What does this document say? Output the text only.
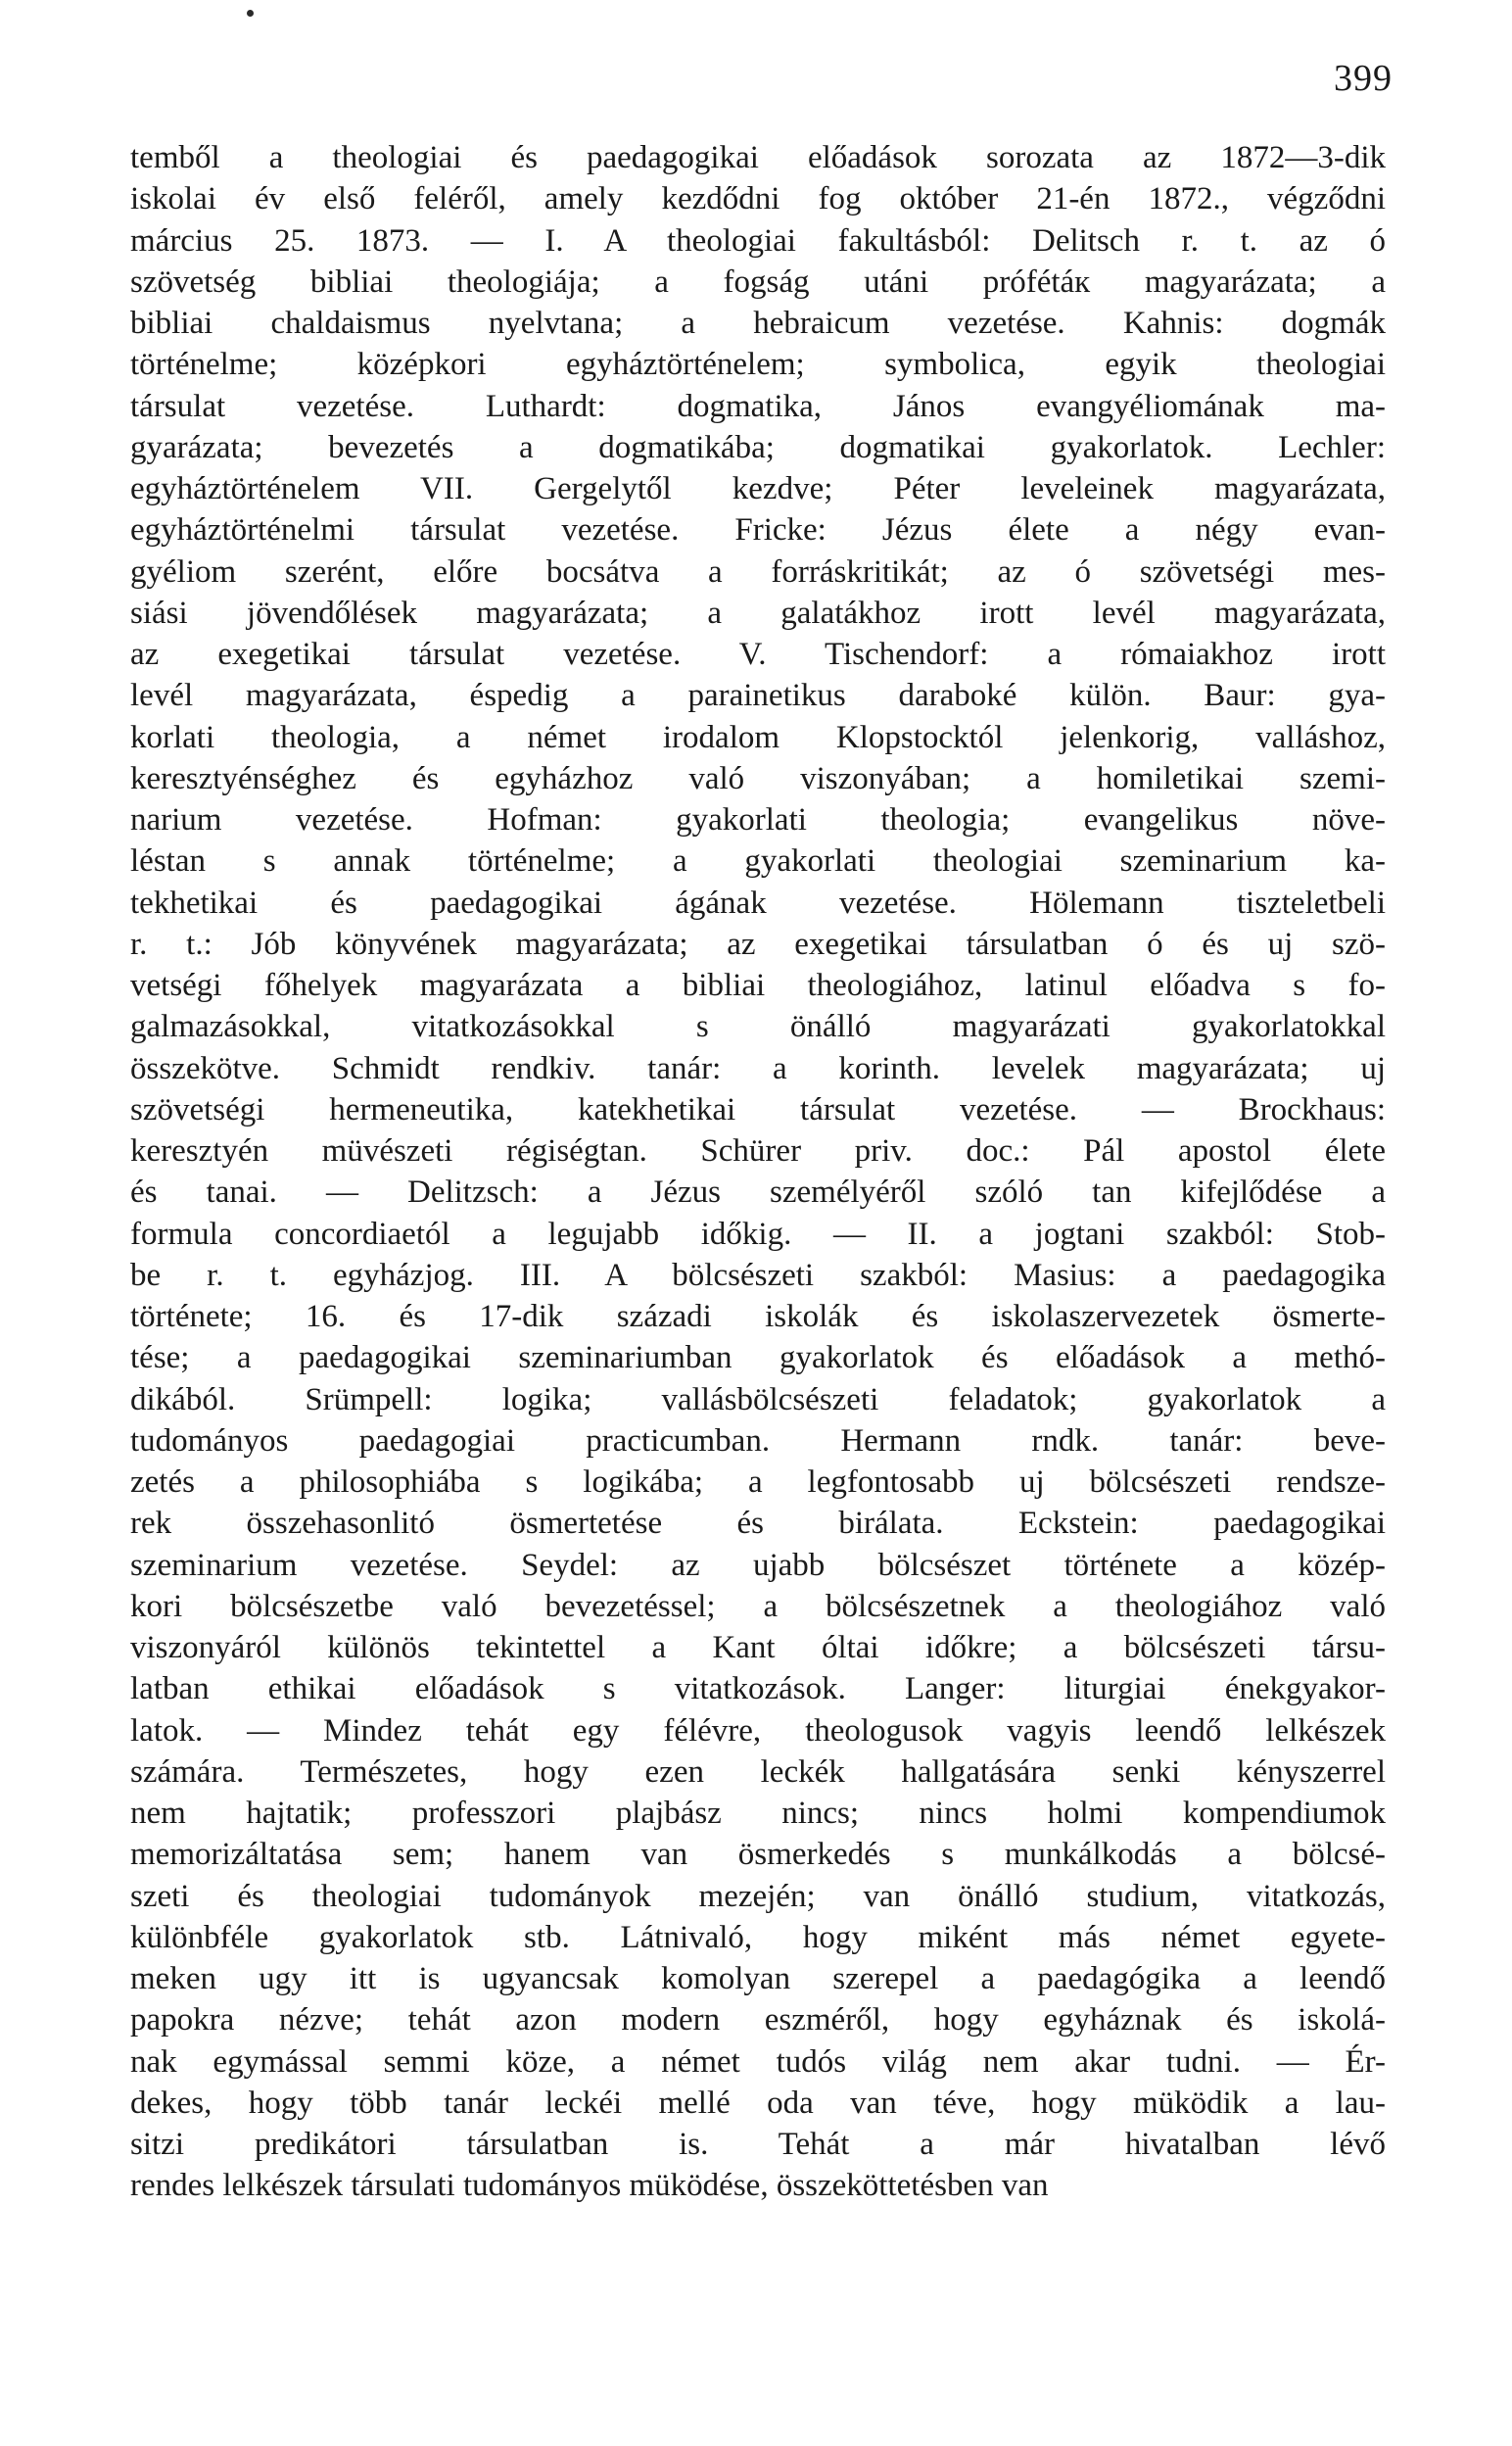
399
temből a theologiai és paedagogikai előadások sorozata az 1872—3-dik
iskolai év első feléről, amely kezdődni fog október 21-én 1872., végződni
március 25. 1873. — I. A theologiai fakultásból: Delitsch r. t. az ó
szövetség bibliai theologiája; a fogság utáni prófétáк magyarázata; a
bibliai chaldaismus nyelvtana; a hebraicum vezetése. Kahnis: dogmák
történelme; középkori egyháztörténelem; symbolica, egyik theologiai
társulat vezetése. Luthardt: dogmatika, János evangyéliomának ma-
gyarázata; bevezetés a dogmatikába; dogmatikai gyakorlatok. Lechler:
egyháztörténelem VII. Gergelytől kezdve; Péter leveleinek magyarázata,
egyháztörténelmi társulat vezetése. Fricke: Jézus élete a négy evan-
gyéliom szerént, előre bocsátva a forráskritikát; az ó szövetségi mes-
siási jövendőlések magyarázata; a galatákhoz irott levél magyarázata,
az exegetikai társulat vezetése. V. Tischendorf: a rómaiakhoz irott
levél magyarázata, éspedig a parainetikus daraboké külön. Baur: gya-
korlati theologia, a német irodalom Klopstocktól jelenkorig, valláshoz,
keresztyénséghez és egyházhoz való viszonyában; a homiletikai szemi-
narium vezetése. Hofman: gyakorlati theologia; evangelikus növe-
léstan s annak történelme; a gyakorlati theologiai szeminarium ka-
tekhetikai és paedagogikai ágának vezetése. Hölemann tiszteletbeli
r. t.: Jób könyvének magyarázata; az exegetikai társulatban ó és uj szö-
vetségi főhelyek magyarázata a bibliai theologiához, latinul előadva s fo-
galmazásokkal, vitatkozásokkal s önálló magyarázati gyakorlatokkal
összekötve. Schmidt rendkiv. tanár: a korinth. levelek magyarázata; uj
szövetségi hermeneutika, katekhetikai társulat vezetése. — Brockhaus:
keresztyén müvészeti régiségtan. Schürer priv. doc.: Pál apostol élete
és tanai. — Delitzsch: a Jézus személyéről szóló tan kifejlődése a
formula concordiaetól a legujabb időkig. — II. a jogtani szakból: Stob-
be r. t. egyházjog. III. A bölcsészeti szakból: Masius: a paedagogika
története; 16. és 17-dik századi iskolák és iskolaszervezetek ösmerte-
tése; a paedagogikai szeminariumban gyakorlatok és előadások a methó-
dikából. Srümpell: logika; vallásbölcsészeti feladatok; gyakorlatok a
tudományos paedagogiai practicumban. Hermann rndk. tanár: beve-
zetés a philosophiába s logikába; a legfontosabb uj bölcsészeti rendsze-
rek összehasonlitó ösmertetése és birálata. Eckstein: paedagogikai
szeminarium vezetése. Seydel: az ujabb bölcsészet története a közép-
kori bölcsészetbe való bevezetéssel; a bölcsészetnek a theologiához való
viszonyáról különös tekintettel a Kant óltai időkre; a bölcsészeti társu-
latban ethikai előadások s vitatkozások. Langer: liturgiai énekgyakor-
latok. — Mindez tehát egy félévre, theologusok vagyis leendő lelkészek
számára. Természetes, hogy ezen leckék hallgatására senki kényszerrel
nem hajtatik; professzori plajbász nincs; nincs holmi kompendiumok
memorizáltatása sem; hanem van ösmerkedés s munkálkodás a bölcsé-
szeti és theologiai tudományok mezején; van önálló studium, vitatkozás,
különbféle gyakorlatok stb. Látnivaló, hogy miként más német egyete-
meken ugy itt is ugyancsak komolyan szerepel a paedagógika a leendő
papokra nézve; tehát azon modern eszméről, hogy egyháznak és iskolá-
nak egymással semmi köze, a német tudós világ nem akar tudni. — Ér-
dekes, hogy több tanár leckéi mellé oda van téve, hogy müködik a lau-
sitzi predikátori társulatban is. Tehát a már hivatalban lévő
rendes lelkészek társulati tudományos müködése, összeköttetésben van
